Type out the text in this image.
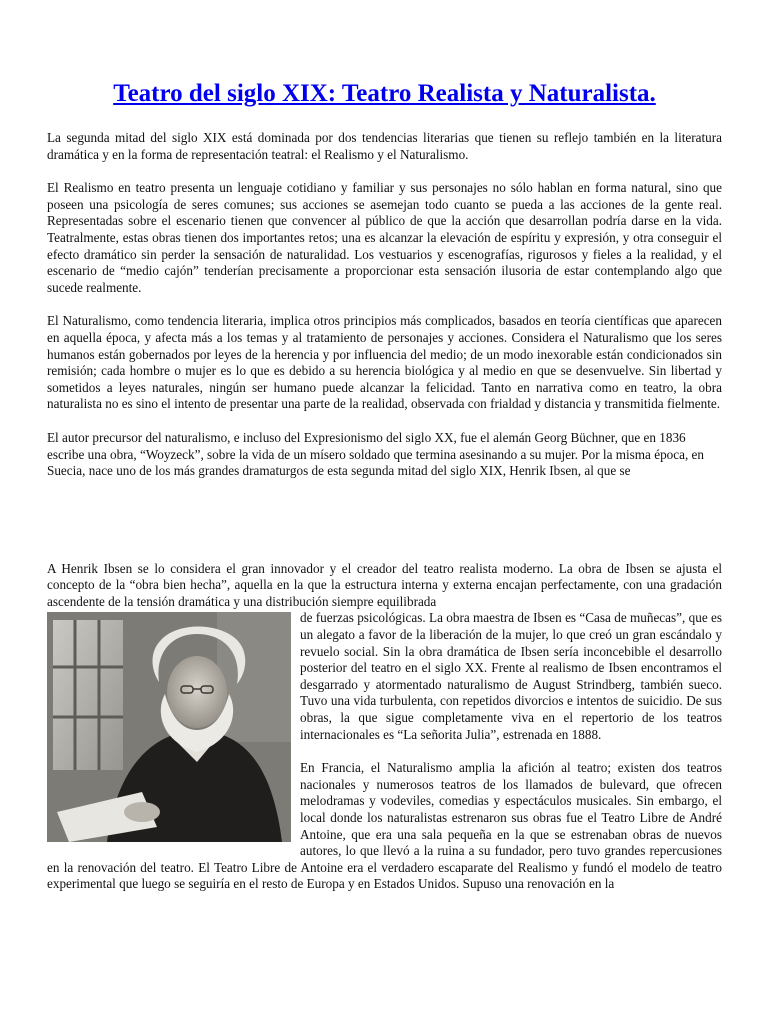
Teatro del siglo XIX: Teatro Realista y Naturalista.

La segunda mitad del siglo XIX está dominada por dos tendencias literarias que tienen su reflejo también en la literatura dramática y en la forma de representación teatral: el Realismo y el Naturalismo.

El Realismo en teatro presenta un lenguaje cotidiano y familiar y sus personajes no sólo hablan en forma natural, sino que poseen una psicología de seres comunes; sus acciones se asemejan todo cuanto se pueda a las acciones de la gente real. Representadas sobre el escenario tienen que convencer al público de que la acción que desarrollan podría darse en la vida. Teatralmente, estas obras tienen dos importantes retos; una es alcanzar la elevación de espíritu y expresión, y otra conseguir el efecto dramático sin perder la sensación de naturalidad. Los vestuarios y escenografías, rigurosos y fieles a la realidad, y el escenario de “medio cajón” tenderían precisamente a proporcionar esta sensación ilusoria de estar contemplando algo que sucede realmente.

El Naturalismo, como tendencia literaria, implica otros principios más complicados, basados en teoría científicas que aparecen en aquella época, y afecta más a los temas y al tratamiento de personajes y acciones. Considera el Naturalismo que los seres humanos están gobernados por leyes de la herencia y por influencia del medio; de un modo inexorable están condicionados sin remisión; cada hombre o mujer es lo que es debido a su herencia biológica y al medio en que se desenvuelve. Sin libertad y sometidos a leyes naturales, ningún ser humano puede alcanzar la felicidad. Tanto en narrativa como en teatro, la obra naturalista no es sino el intento de presentar una parte de la realidad, observada con frialdad y distancia y transmitida fielmente.

El autor precursor del naturalismo, e incluso del Expresionismo del siglo XX, fue el alemán Georg Büchner, que en 1836 escribe una obra, “Woyzeck”, sobre la vida de un mísero soldado que termina asesinando a su mujer. Por la misma época, en Suecia, nace uno de los más grandes dramaturgos de esta segunda mitad del siglo XIX, Henrik Ibsen, al que se

A Henrik Ibsen se lo considera el gran innovador y el creador del teatro realista moderno. La obra de Ibsen se ajusta el concepto de la “obra bien hecha”, aquella en la que la estructura interna y externa encajan perfectamente, con una gradación ascendente de la tensión dramática y una distribución siempre equilibrada

de fuerzas psicológicas. La obra maestra de Ibsen es “Casa de muñecas”, que es un alegato a favor de la liberación de la mujer, lo que creó un gran escándalo y revuelo social. Sin la obra dramática de Ibsen sería inconcebible el desarrollo posterior del teatro en el siglo XX. Frente al realismo de Ibsen encontramos el desgarrado y atormentado naturalismo de August Strindberg, también sueco. Tuvo una vida turbulenta, con repetidos divorcios e intentos de suicidio. De sus obras, la que sigue completamente viva en el repertorio de los teatros internacionales es “La señorita Julia”, estrenada en 1888.

En Francia, el Naturalismo amplia la afición al teatro; existen dos teatros nacionales y numerosos teatros de los llamados de bulevard, que ofrecen melodramas y vodeviles, comedias y espectáculos musicales. Sin embargo, el local donde los naturalistas estrenaron sus obras fue el Teatro Libre de André Antoine, que era una sala pequeña en la que se estrenaban obras de nuevos autores, lo que llevó a la ruina a su fundador, pero tuvo grandes repercusiones en la renovación del teatro. El Teatro Libre de Antoine era el verdadero escaparate del Realismo y fundó el modelo de teatro experimental que luego se seguiría en el resto de Europa y en Estados Unidos. Supuso una renovación en la
